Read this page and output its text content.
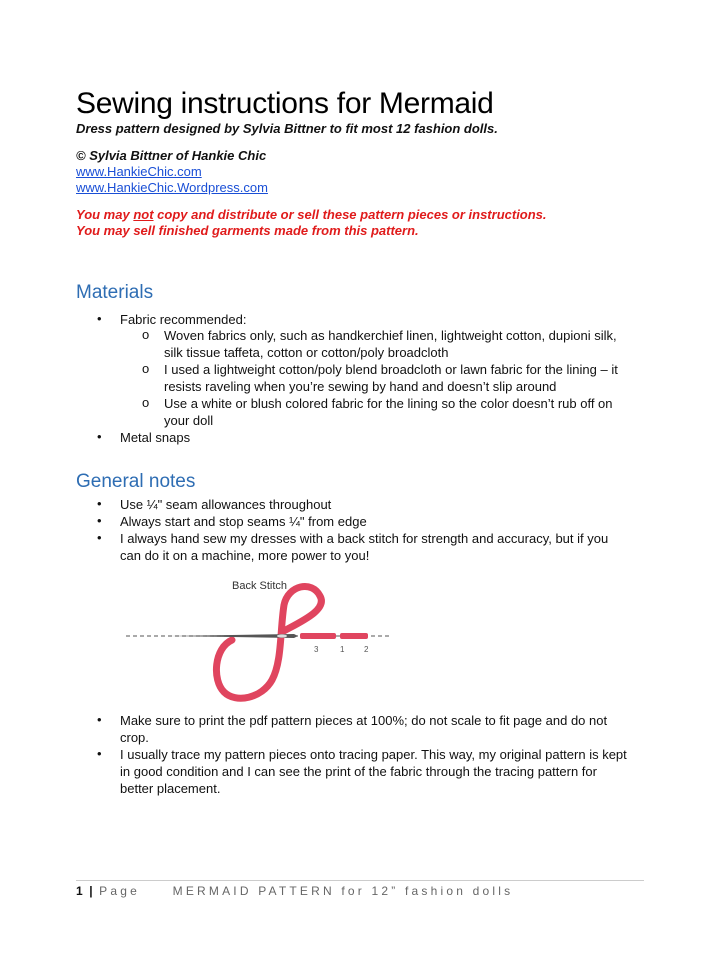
Sewing instructions for Mermaid
Dress pattern designed by Sylvia Bittner to fit most 12 fashion dolls.
© Sylvia Bittner of Hankie Chic
www.HankieChic.com
www.HankieChic.Wordpress.com
You may not copy and distribute or sell these pattern pieces or instructions.
You may sell finished garments made from this pattern.
Materials
• Fabric recommended:
o Woven fabrics only, such as handkerchief linen, lightweight cotton, dupioni silk,
silk tissue taffeta, cotton or cotton/poly broadcloth
o I used a lightweight cotton/poly blend broadcloth or lawn fabric for the lining – it
resists raveling when you’re sewing by hand and doesn’t slip around
o Use a white or blush colored fabric for the lining so the color doesn’t rub off on
your doll
• Metal snaps
General notes
• Use ¼" seam allowances throughout
• Always start and stop seams ¼" from edge
• I always hand sew my dresses with a back stitch for strength and accuracy, but if you
can do it on a machine, more power to you!
Back Stitch
3	1 2
• Make sure to print the pdf pattern pieces at 100%; do not scale to fit page and do not
crop.
• I usually trace my pattern pieces onto tracing paper. This way, my original pattern is kept
in good condition and I can see the print of the fabric through the tracing pattern for
better placement.
1 | Page	MERMAID PATTERN for 12” fashion dolls
